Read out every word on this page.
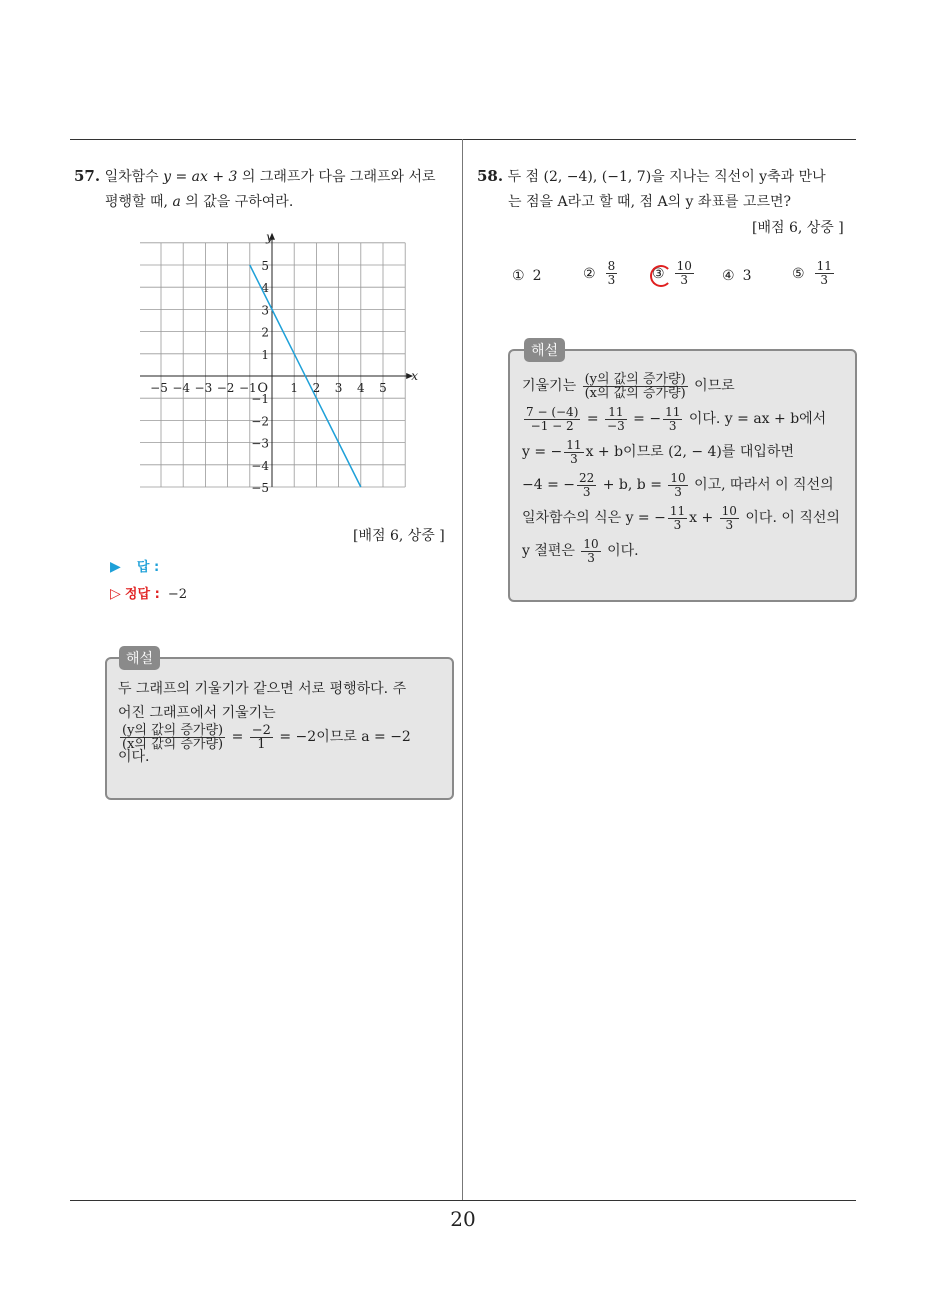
57. 일차함수 y = ax + 3 의 그래프가 다음 그래프와 서로
평행할 때, a 의 값을 구하여라.
−5 −4 −3 −2 −1	1 2 3 4 5
5
4
3
2
1
−1
−2
−3
−4
−5
O
x
y
[배점 6, 상중 ]
▶ 답 :
▷ 정답 : −2
해설
두 그래프의 기울기가 같으면 서로 평행하다. 주
어진 그래프에서 기울기는
$\frac{\text{(y의 값의 증가량)}}{\text{(x의 값의 증가량)}} = \frac{-2}{1} = -2$이므로 a = −2
이다.
58. 두 점 (2, −4), (−1, 7)을 지나는 직선이 y축과 만나
는 점을 A라고 할 때, 점 A의 y 좌표를 고르면?
[배점 6, 상중 ]
① 2	② $\frac{8}{3}$ ③ $\frac{10}{3}$ ④ 3	⑤ $\frac{11}{3}$
해설
기울기는 $\frac{\text{(y의 값의 증가량)}}{\text{(x의 값의 증가량)}}$ 이므로
$\frac{7 - (-4)}{-1 - 2} = \frac{11}{-3}$ = − $\frac{11}{3}$ 이다. y = ax + b에서
y = − $\frac{11}{3}$ x + b이므로 (2, − 4)를 대입하면
−4 = − $\frac{22}{3} + b$, $b = \frac{10}{3}$ 이고, 따라서 이 직선의
일차함수의 식은 y = − $\frac{11}{3}$ $x + \frac{10}{3}$ 이다. 이 직선의
y 절편은 $\frac{10}{3}$ 이다.
20
